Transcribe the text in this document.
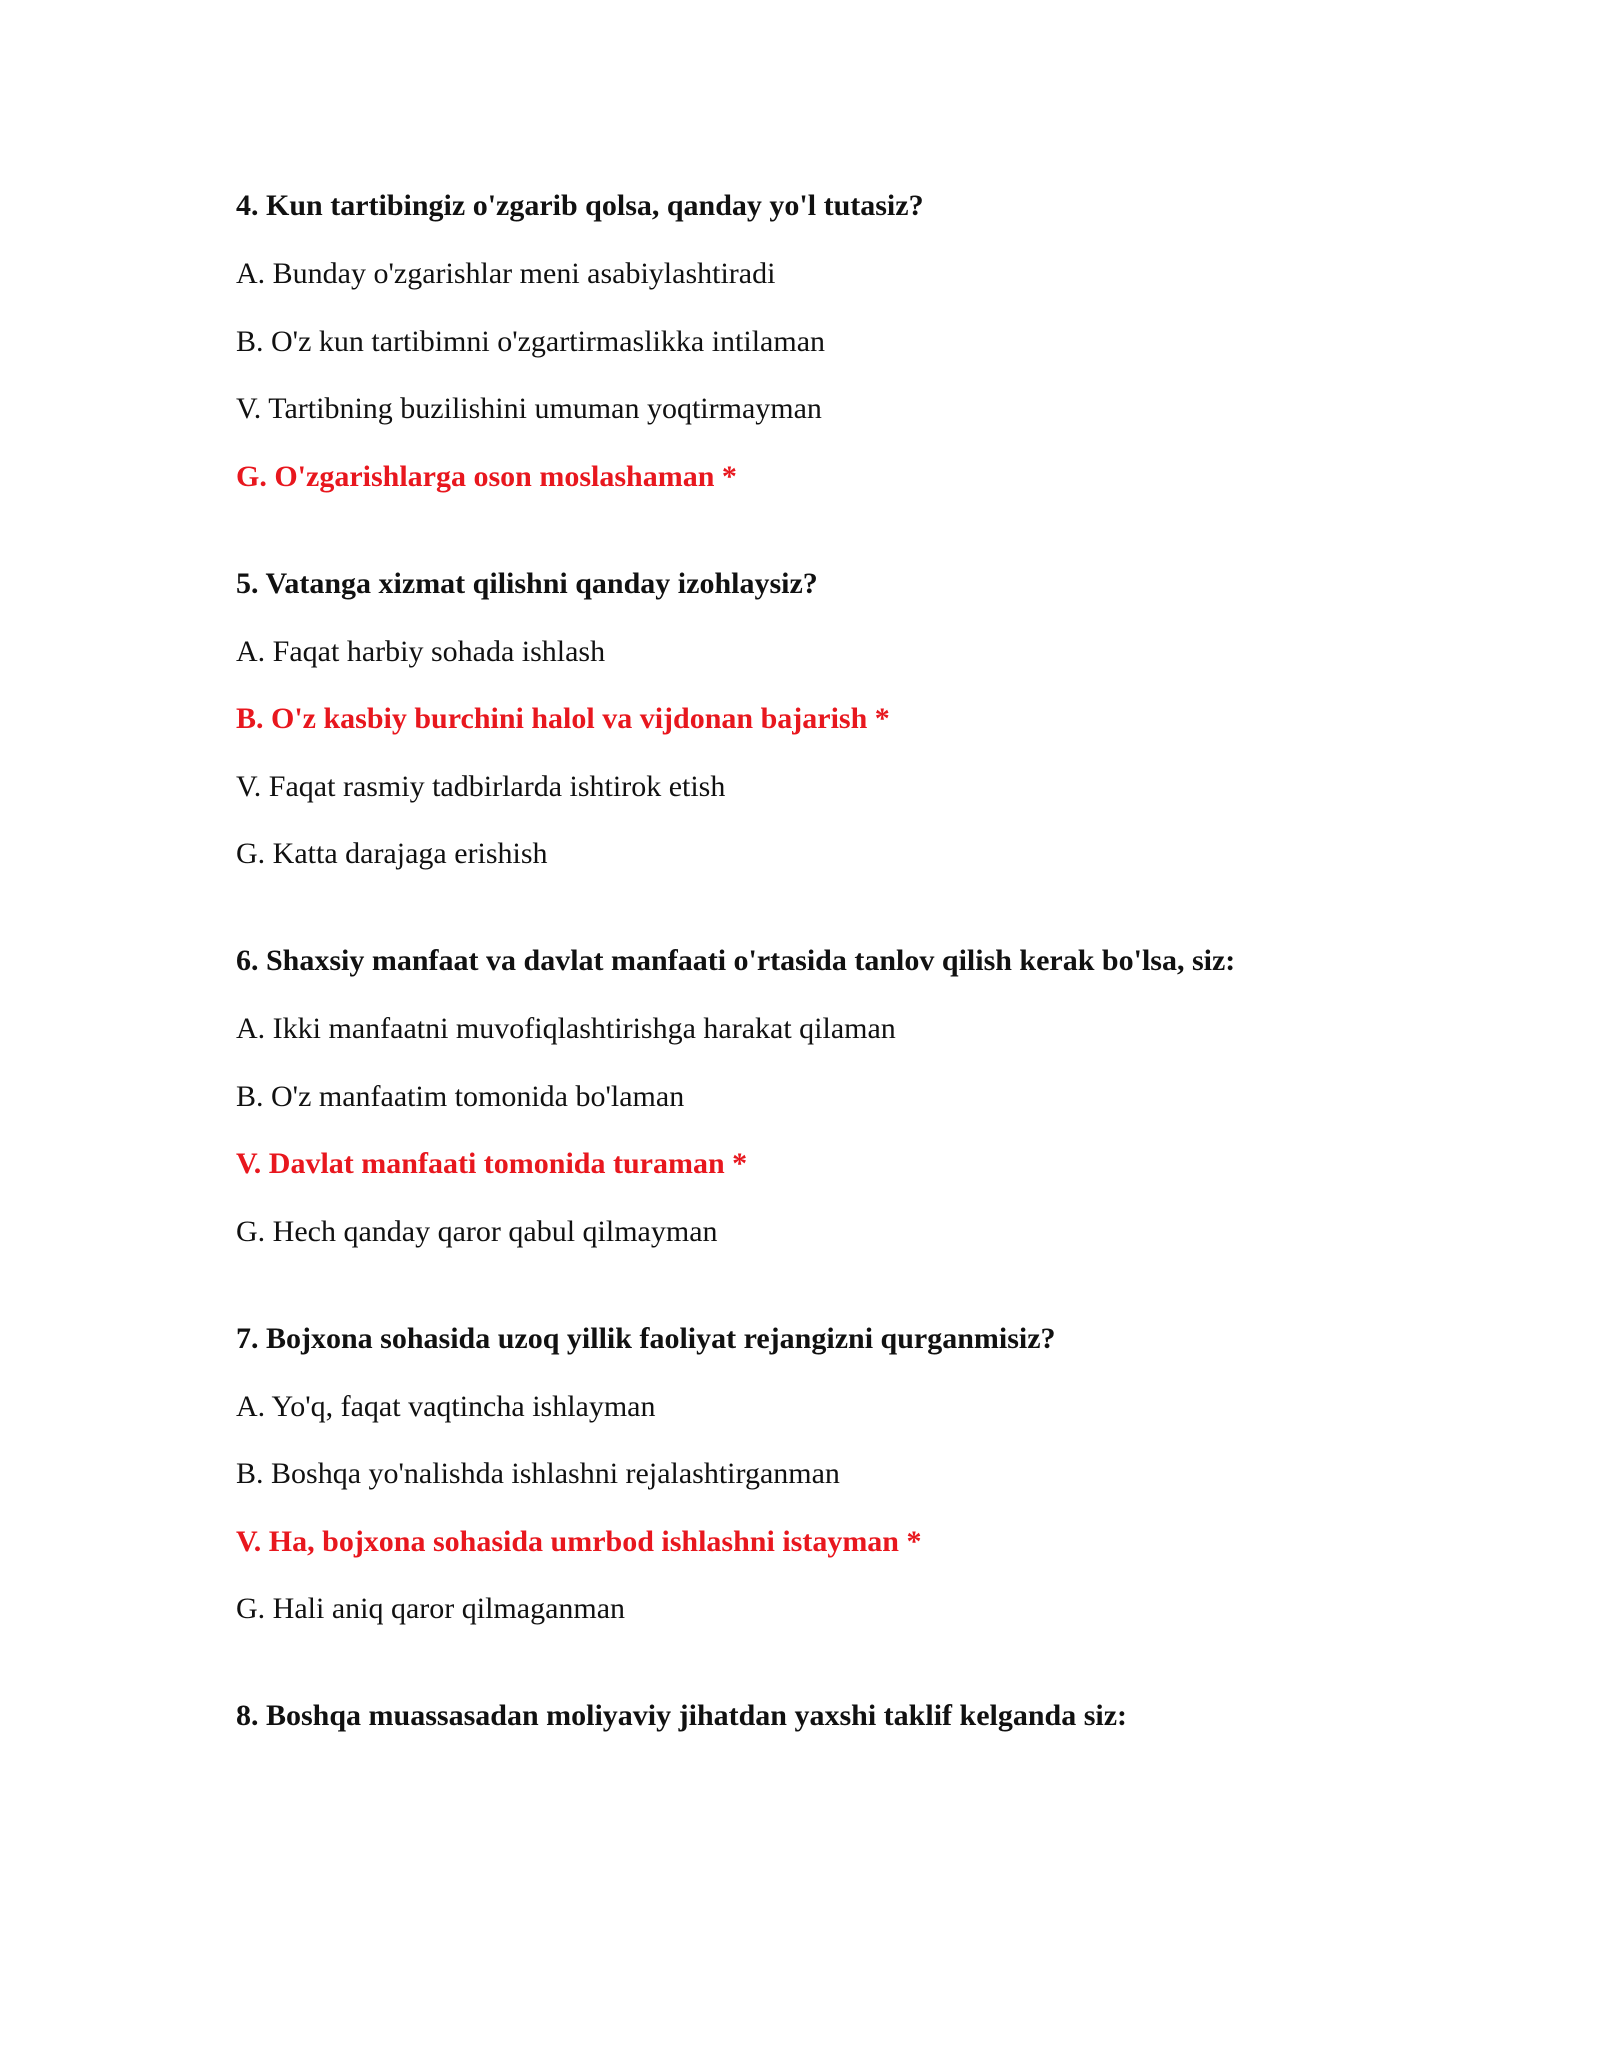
4. Kun tartibingiz o'zgarib qolsa, qanday yo'l tutasiz?
A. Bunday o'zgarishlar meni asabiylashtiradi
B. O'z kun tartibimni o'zgartirmaslikka intilaman
V. Tartibning buzilishini umuman yoqtirmayman
G. O'zgarishlarga oson moslashaman *
5. Vatanga xizmat qilishni qanday izohlaysiz?
A. Faqat harbiy sohada ishlash
B. O'z kasbiy burchini halol va vijdonan bajarish *
V. Faqat rasmiy tadbirlarda ishtirok etish
G. Katta darajaga erishish
6. Shaxsiy manfaat va davlat manfaati o'rtasida tanlov qilish kerak bo'lsa, siz:
A. Ikki manfaatni muvofiqlashtirishga harakat qilaman
B. O'z manfaatim tomonida bo'laman
V. Davlat manfaati tomonida turaman *
G. Hech qanday qaror qabul qilmayman
7. Bojxona sohasida uzoq yillik faoliyat rejangizni qurganmisiz?
A. Yo'q, faqat vaqtincha ishlayman
B. Boshqa yo'nalishda ishlashni rejalashtirganman
V. Ha, bojxona sohasida umrbod ishlashni istayman *
G. Hali aniq qaror qilmaganman
8. Boshqa muassasadan moliyaviy jihatdan yaxshi taklif kelganda siz:
